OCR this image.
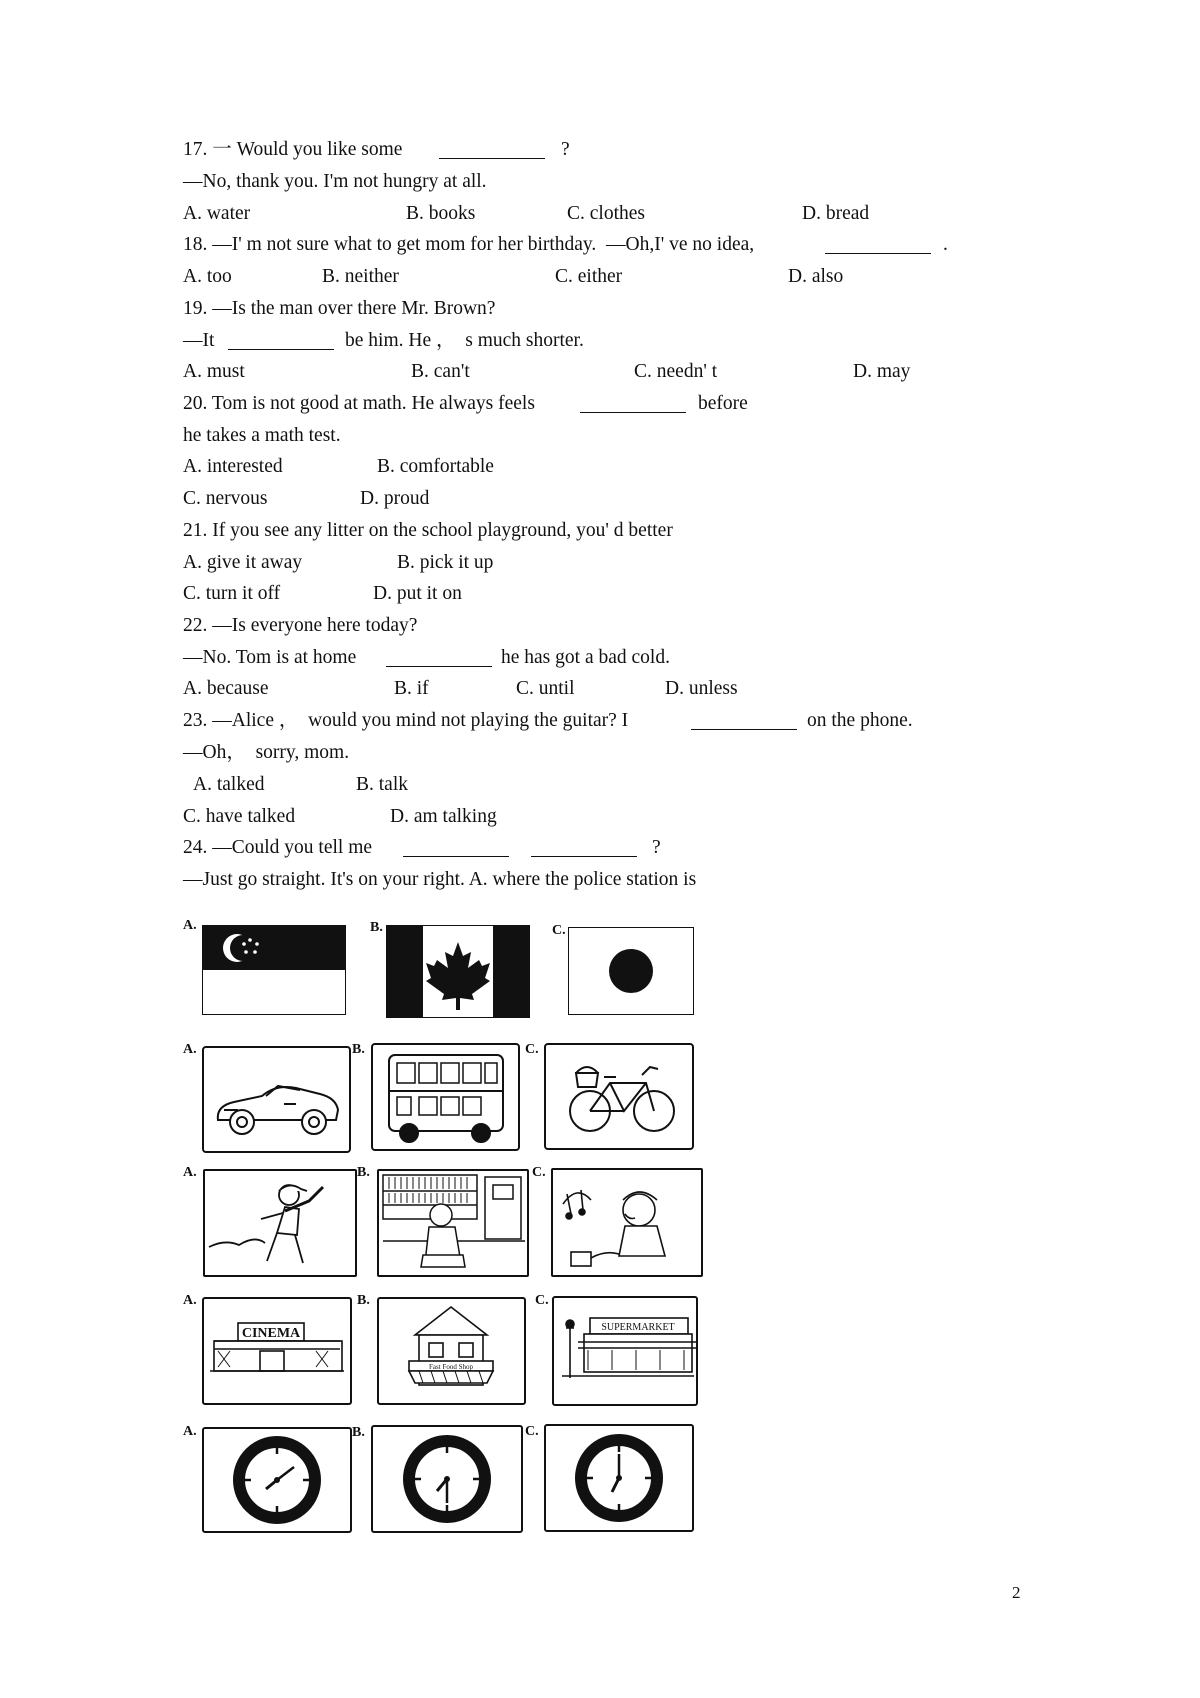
17. 一 Would you like some

	?

—No, thank you. I'm not hungry at all.

A. water

	B. books

	C. clothes

	D. bread

18. —I' m not sure what to get mom for her birthday.  —Oh,I' ve no idea,

	.

A. too

	B. neither

	C. either

	D. also

19. —Is the man over there Mr. Brown?

—It

	be him. He ，  s much shorter.

A. must

	B. can't

	C. needn' t

	D. may

20. Tom is not good at math. He always feels

	before

he takes a math test.

A. interested

	B. comfortable

C. nervous

	D. proud

21. If you see any litter on the school playground, you' d better

A. give it away

	B. pick it up

C. turn it off

	D. put it on

22. —Is everyone here today?

—No. Tom is at home

	he has got a bad cold.

A. because

	B. if

	C. until

	D. unless

23. —Alice ，  would you mind not playing the guitar? I

	on the phone.

—Oh，  sorry, mom.

A. talked

	B. talk

C. have talked

	D. am talking

24. —Could you tell me

	?

—Just go straight. It's on your right. A. where the police station is
A.	B.	C.
A.	B.	C.
A.	B.	C.
A.
CINEMA
B.
Fast Food Shop
C.
SUPERMARKET
A.	B.	C.
2
